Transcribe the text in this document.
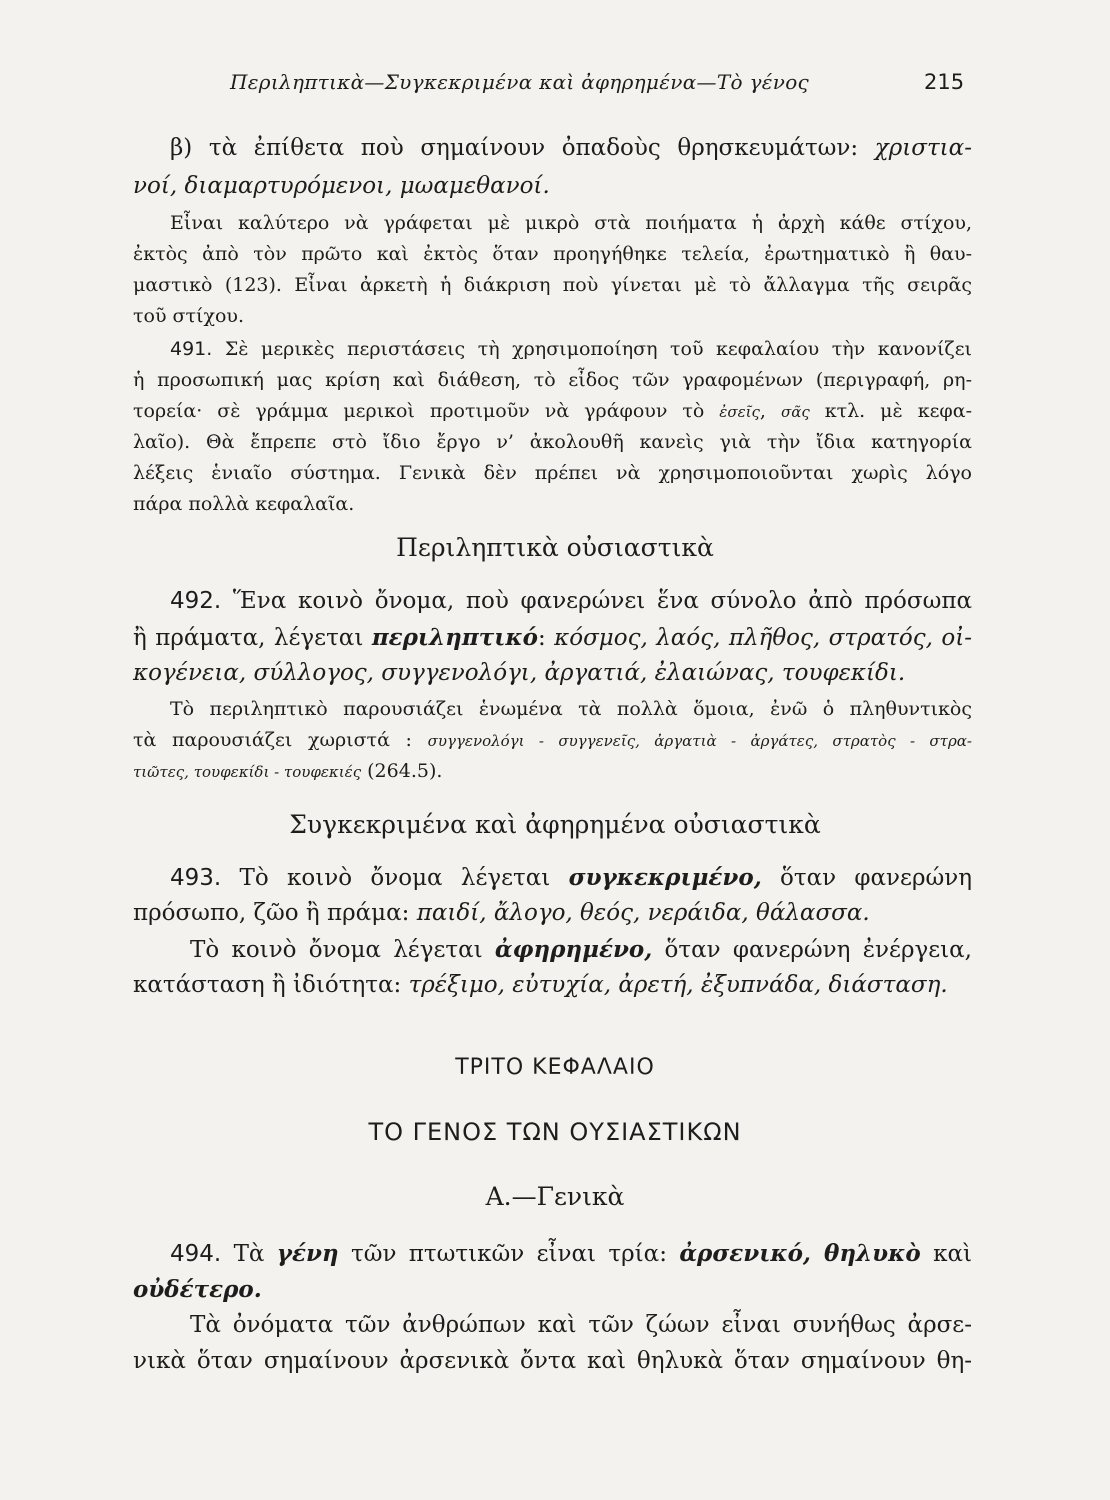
Περιληπτικὰ—Συγκεκριμένα καὶ ἀφηρημένα—Τὸ γένος	215
β) τὰ ἐπίθετα ποὺ σημαίνουν ὀπαδοὺς θρησκευμάτων: χριστια-
νοί, διαμαρτυρόμενοι, μωαμεθανοί.
Εἶναι καλύτερο νὰ γράφεται μὲ μικρὸ στὰ ποιήματα ἡ ἀρχὴ κάθε στίχου,
ἐκτὸς ἀπὸ τὸν πρῶτο καὶ ἐκτὸς ὅταν προηγήθηκε τελεία, ἐρωτηματικὸ ἢ θαυ-
μαστικὸ (123). Εἶναι ἀρκετὴ ἡ διάκριση ποὺ γίνεται μὲ τὸ ἄλλαγμα τῆς σειρᾶς
τοῦ στίχου.
491. Σὲ μερικὲς περιστάσεις τὴ χρησιμοποίηση τοῦ κεφαλαίου τὴν κανονίζει
ἡ προσωπική μας κρίση καὶ διάθεση, τὸ εἶδος τῶν γραφομένων (περιγραφή, ρη-
τορεία· σὲ γράμμα μερικοὶ προτιμοῦν νὰ γράφουν τὸ ἐσεῖς, σᾶς κτλ. μὲ κεφα-
λαῖο). Θὰ ἔπρεπε στὸ ἴδιο ἔργο ν’ ἀκολουθῆ κανεὶς γιὰ τὴν ἴδια κατηγορία
λέξεις ἑνιαῖο σύστημα. Γενικὰ δὲν πρέπει νὰ χρησιμοποιοῦνται χωρὶς λόγο
πάρα πολλὰ κεφαλαῖα.
Περιληπτικὰ οὐσιαστικὰ
492. Ἕνα κοινὸ ὄνομα, ποὺ φανερώνει ἕνα σύνολο ἀπὸ πρόσωπα
ἢ πράματα, λέγεται περιληπτικό: κόσμος, λαός, πλῆθος, στρατός, οἰ-
κογένεια, σύλλογος, συγγενολόγι, ἀργατιά, ἐλαιώνας, τουφεκίδι.
Τὸ περιληπτικὸ παρουσιάζει ἑνωμένα τὰ πολλὰ ὅμοια, ἐνῶ ὁ πληθυντικὸς
τὰ παρουσιάζει χωριστά : συγγενολόγι - συγγενεῖς, ἀργατιὰ - ἀργάτες, στρατὸς - στρα-
τιῶτες, τουφεκίδι - τουφεκιές (264.5).
Συγκεκριμένα καὶ ἀφηρημένα οὐσιαστικὰ
493. Τὸ κοινὸ ὄνομα λέγεται συγκεκριμένο, ὅταν φανερώνη
πρόσωπο, ζῶο ἢ πράμα: παιδί, ἄλογο, θεός, νεράιδα, θάλασσα.
Τὸ κοινὸ ὄνομα λέγεται ἀφηρημένο, ὅταν φανερώνη ἐνέργεια,
κατάσταση ἢ ἰδιότητα: τρέξιμο, εὐτυχία, ἀρετή, ἐξυπνάδα, διάσταση.
ΤΡΙΤΟ ΚΕΦΑΛΑΙΟ
ΤΟ ΓΕΝΟΣ ΤΩΝ ΟΥΣΙΑΣΤΙΚΩΝ
Α.—Γενικὰ
494. Τὰ γένη τῶν πτωτικῶν εἶναι τρία: ἀρσενικό, θηλυκὸ καὶ
οὐδέτερο.
Τὰ ὀνόματα τῶν ἀνθρώπων καὶ τῶν ζώων εἶναι συνήθως ἀρσε-
νικὰ ὅταν σημαίνουν ἀρσενικὰ ὄντα καὶ θηλυκὰ ὅταν σημαίνουν θη-
